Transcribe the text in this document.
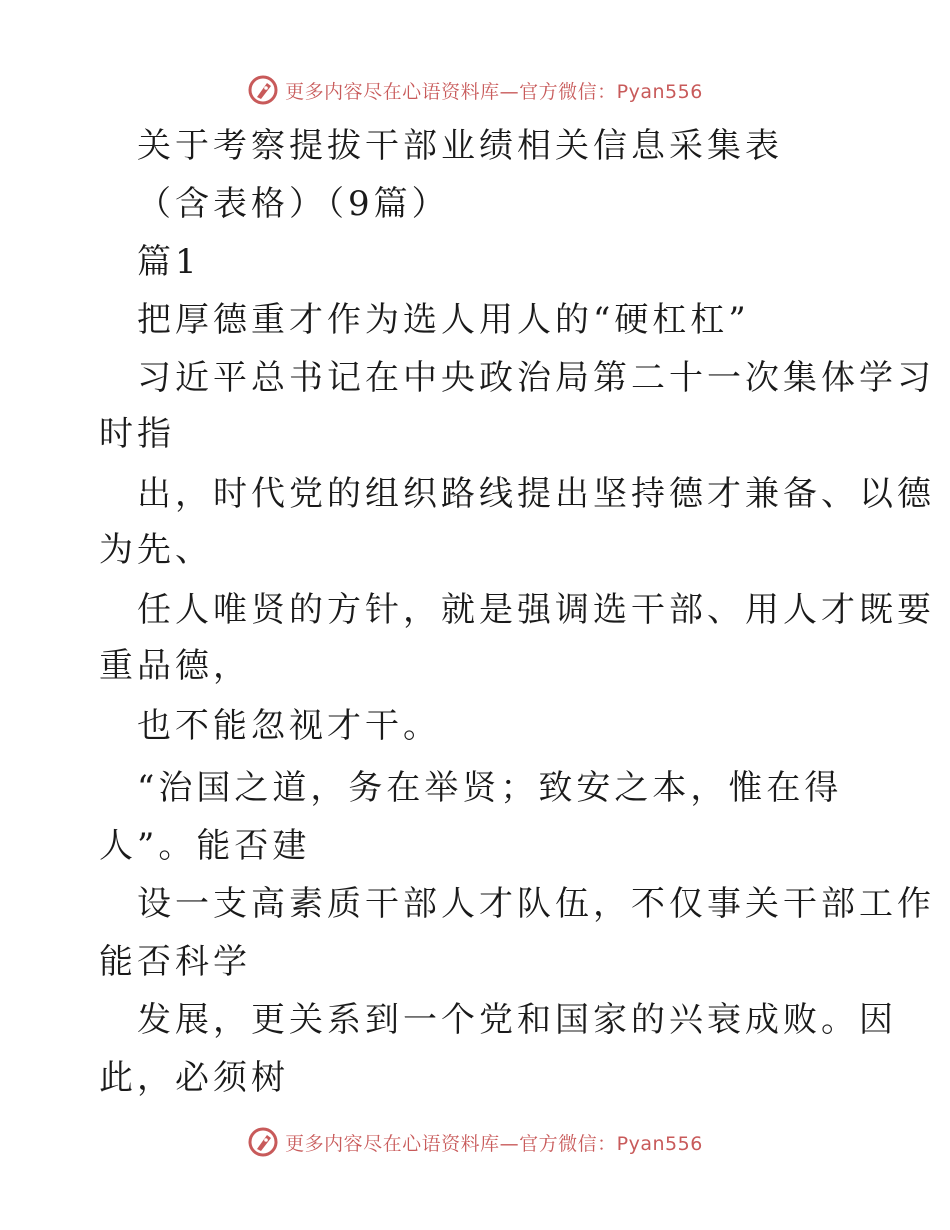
更多内容尽在心语资料库—官方微信：Pyan556
关于考察提拔干部业绩相关信息采集表
（含表格）（9篇）
篇1
把厚德重才作为选人用人的“硬杠杠”
习近平总书记在中央政治局第二十一次集体学习
时指
出，时代党的组织路线提出坚持德才兼备、以德
为先、
任人唯贤的方针，就是强调选干部、用人才既要
重品德，
也不能忽视才干。
“治国之道，务在举贤；致安之本，惟在得
人”。能否建
设一支高素质干部人才队伍，不仅事关干部工作
能否科学
发展，更关系到一个党和国家的兴衰成败。因
此，必须树
更多内容尽在心语资料库—官方微信：Pyan556
